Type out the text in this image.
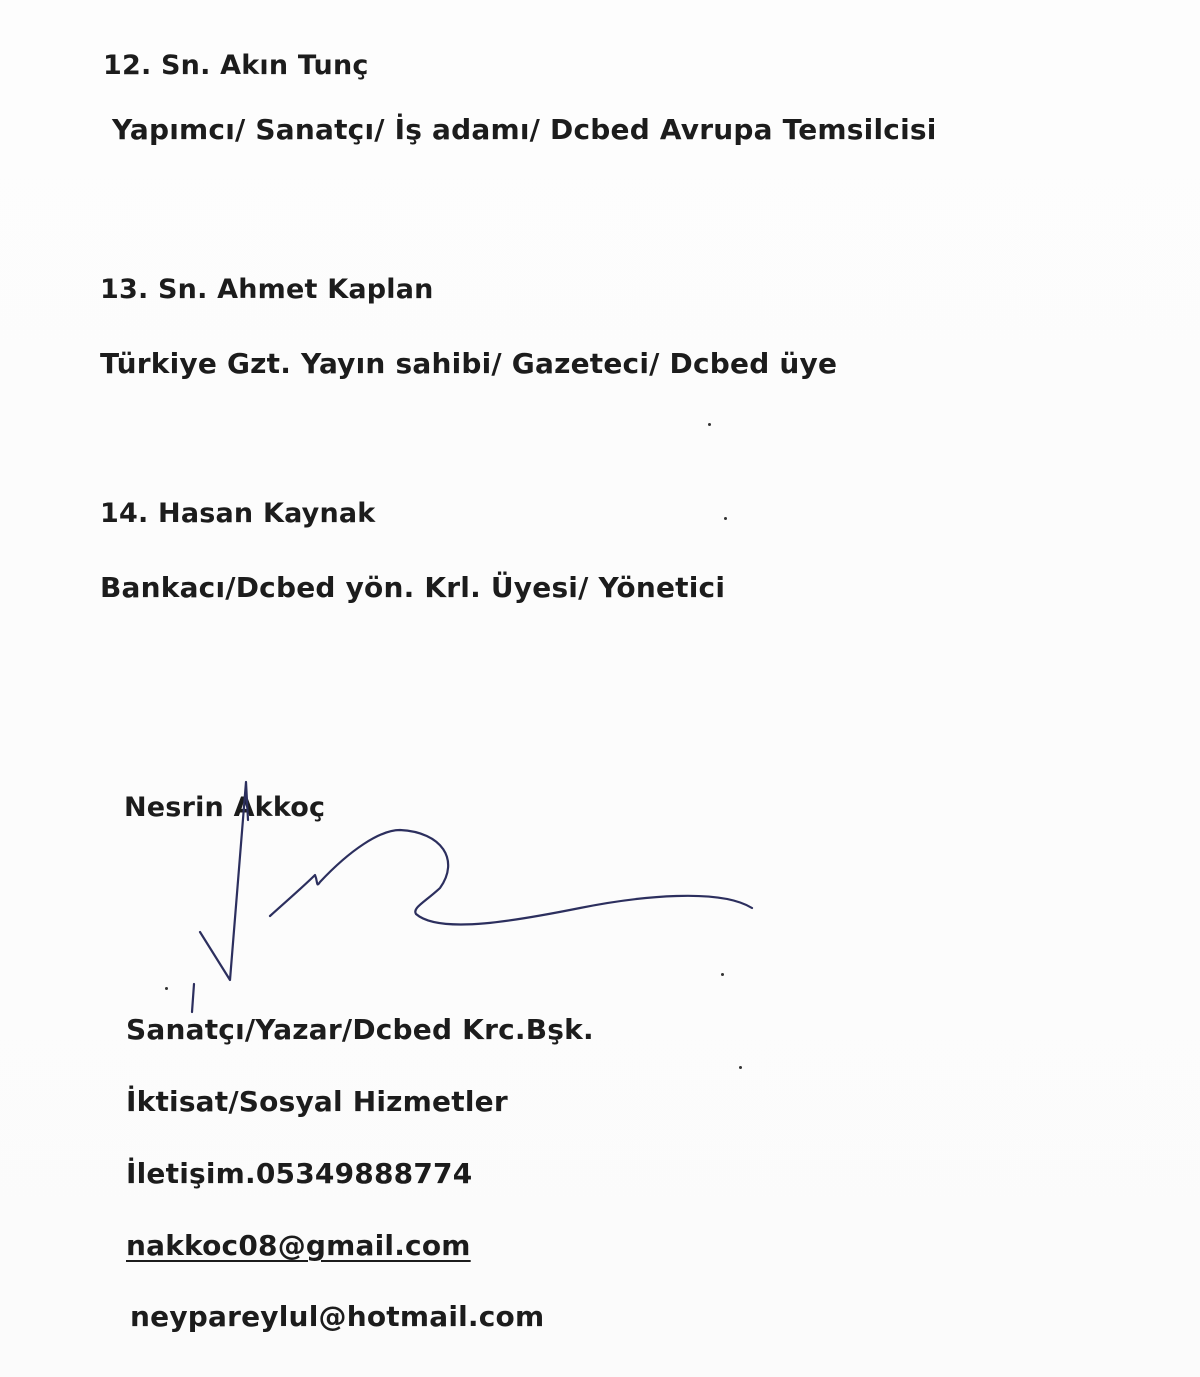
12. Sn. Akın Tunç
Yapımcı/ Sanatçı/ İş adamı/ Dcbed Avrupa Temsilcisi
13. Sn. Ahmet Kaplan
Türkiye Gzt. Yayın sahibi/ Gazeteci/ Dcbed üye
14. Hasan Kaynak
Bankacı/Dcbed yön. Krl. Üyesi/ Yönetici
Nesrin Akkoç
Sanatçı/Yazar/Dcbed Krc.Bşk.
İktisat/Sosyal Hizmetler
İletişim.05349888774
nakkoc08@gmail.com
neypareylul@hotmail.com
